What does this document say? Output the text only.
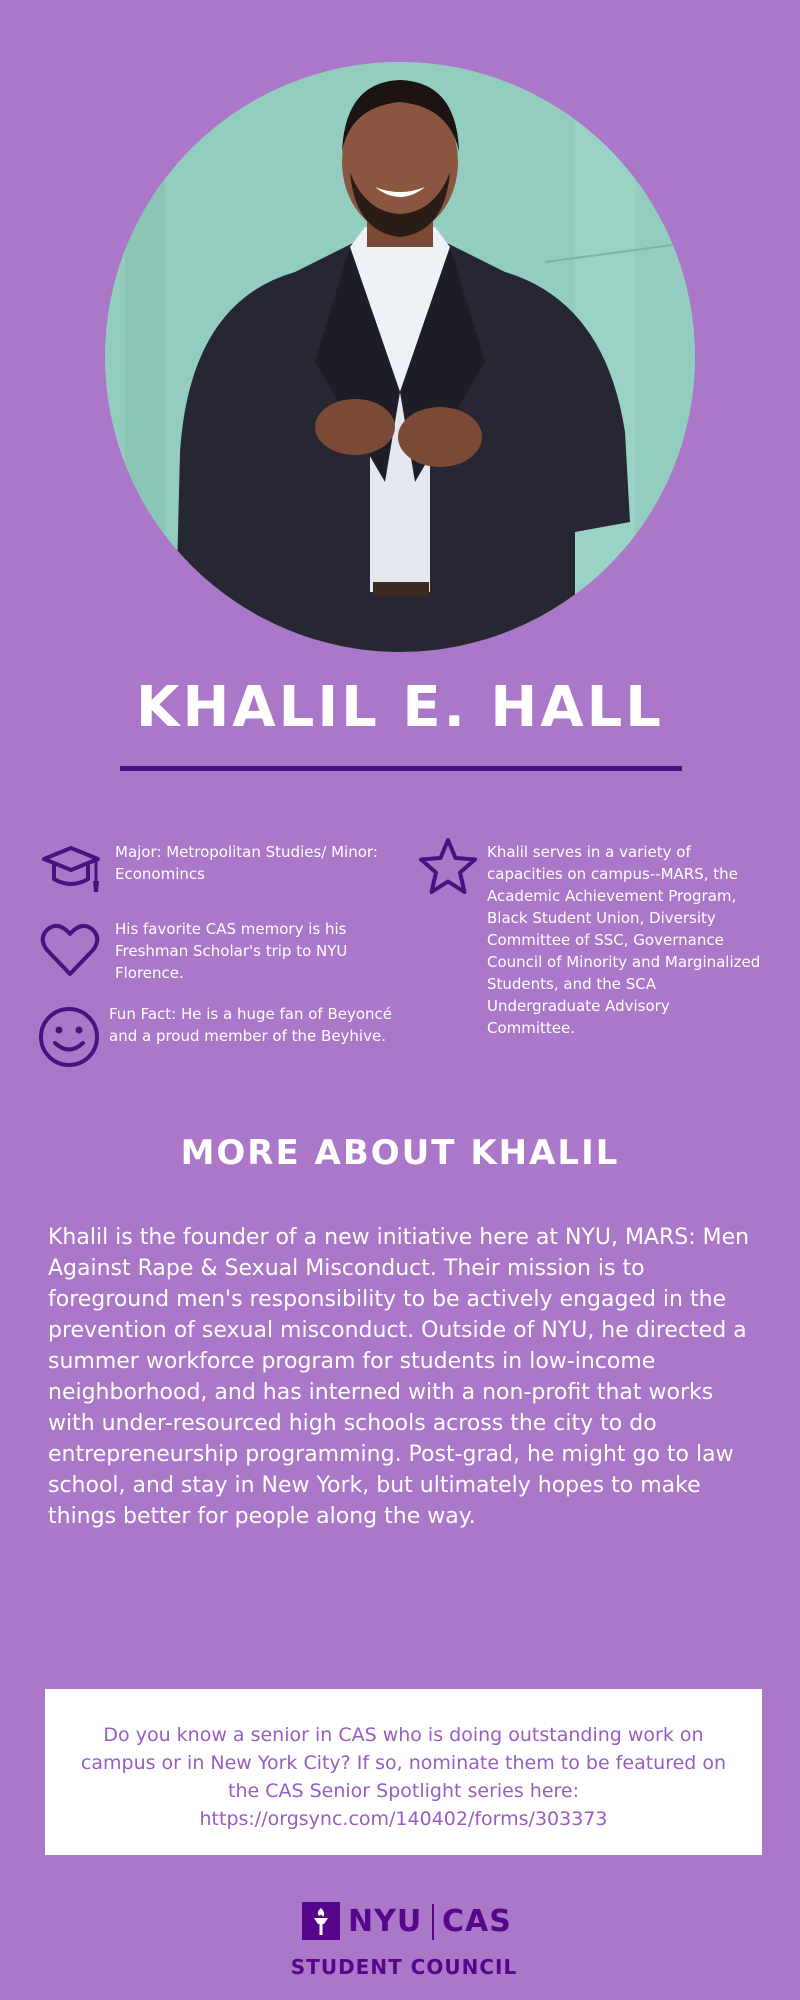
KHALIL E. HALL
Major: Metropolitan Studies/ Minor: Economincs
His favorite CAS memory is his Freshman Scholar's trip to NYU Florence.
Fun Fact: He is a huge fan of Beyoncé and a proud member of the Beyhive.
Khalil serves in a variety of capacities on campus--MARS, the Academic Achievement Program, Black Student Union, Diversity Committee of SSC, Governance Council of Minority and Marginalized Students, and the SCA Undergraduate Advisory Committee.
MORE ABOUT KHALIL
Khalil is the founder of a new initiative here at NYU, MARS: Men Against Rape & Sexual Misconduct. Their mission is to foreground men's responsibility to be actively engaged in the prevention of sexual misconduct. Outside of NYU, he directed a summer workforce program for students in low-income neighborhood, and has interned with a non-profit that works with under-resourced high schools across the city to do entrepreneurship programming. Post-grad, he might go to law school, and stay in New York, but ultimately hopes to make things better for people along the way.
Do you know a senior in CAS who is doing outstanding work on campus or in New York City? If so, nominate them to be featured on the CAS Senior Spotlight series here: https://orgsync.com/140402/forms/303373
NYU CAS
STUDENT COUNCIL
